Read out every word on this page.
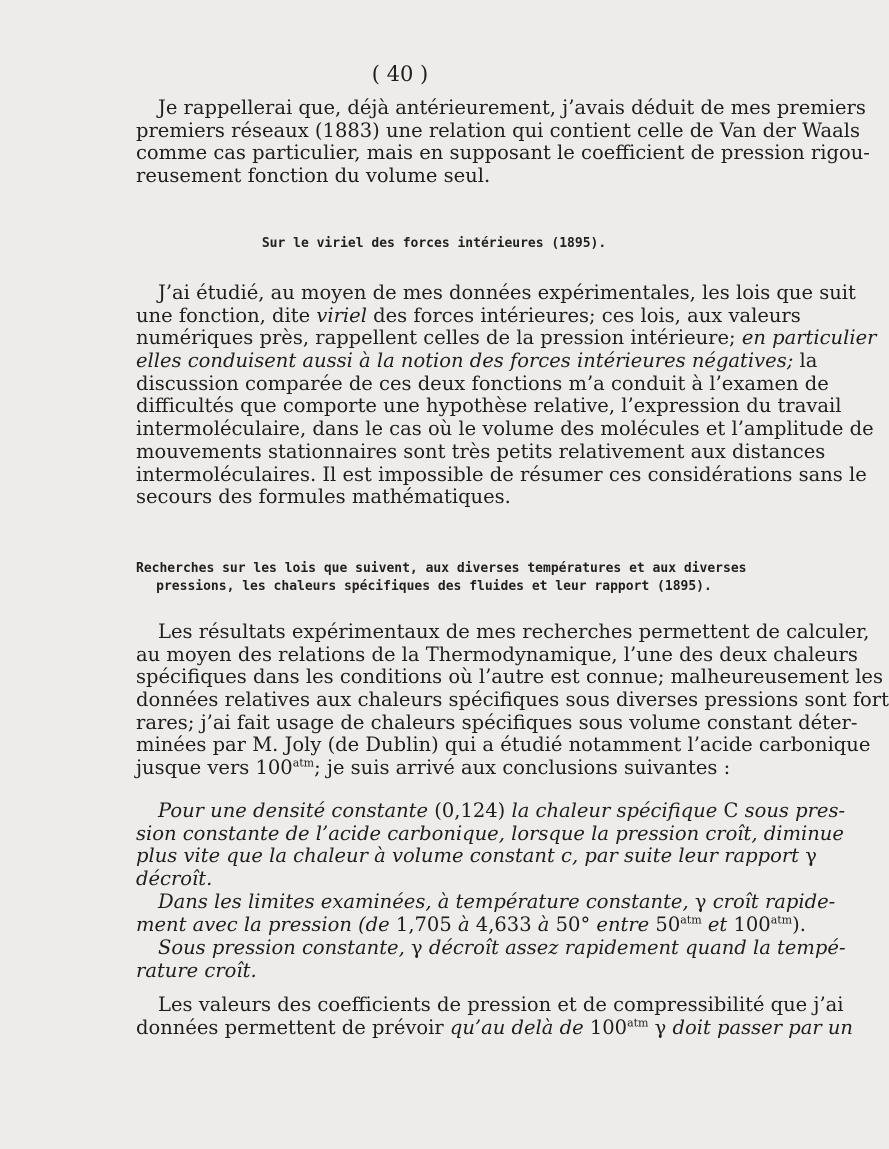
( 40 )
Je rappellerai que, déjà antérieurement, j’avais déduit de mes premiers
premiers réseaux (1883) une relation qui contient celle de Van der Waals
comme cas particulier, mais en supposant le coefficient de pression rigou-
reusement fonction du volume seul.
Sur le viriel des forces intérieures (1895).
J’ai étudié, au moyen de mes données expérimentales, les lois que suit
une fonction, dite viriel des forces intérieures; ces lois, aux valeurs
numériques près, rappellent celles de la pression intérieure; en particulier
elles conduisent aussi à la notion des forces intérieures négatives; la
discussion comparée de ces deux fonctions m’a conduit à l’examen de
difficultés que comporte une hypothèse relative, l’expression du travail
intermoléculaire, dans le cas où le volume des molécules et l’amplitude de
mouvements stationnaires sont très petits relativement aux distances
intermoléculaires. Il est impossible de résumer ces considérations sans le
secours des formules mathématiques.
Recherches sur les lois que suivent, aux diverses températures et aux diverses
pressions, les chaleurs spécifiques des fluides et leur rapport (1895).
Les résultats expérimentaux de mes recherches permettent de calculer,
au moyen des relations de la Thermodynamique, l’une des deux chaleurs
spécifiques dans les conditions où l’autre est connue; malheureusement les
données relatives aux chaleurs spécifiques sous diverses pressions sont fort
rares; j’ai fait usage de chaleurs spécifiques sous volume constant déter-
minées par M. Joly (de Dublin) qui a étudié notamment l’acide carbonique
jusque vers $100^{atm}$; je suis arrivé aux conclusions suivantes :
Pour une densité constante (0,124) la chaleur spécifique C sous pres-
sion constante de l’acide carbonique, lorsque la pression croît, diminue
plus vite que la chaleur à volume constant c, par suite leur rapport γ
décroît.
Dans les limites examinées, à température constante, γ croît rapide-
ment avec la pression (de 1,705 à 4,633 à 50° entre $50^{atm}$ et $100^{atm}$).
Sous pression constante, γ décroît assez rapidement quand la tempé-
rature croît.
Les valeurs des coefficients de pression et de compressibilité que j’ai
données permettent de prévoir qu’au delà de $100^{atm}$ γ doit passer par un
